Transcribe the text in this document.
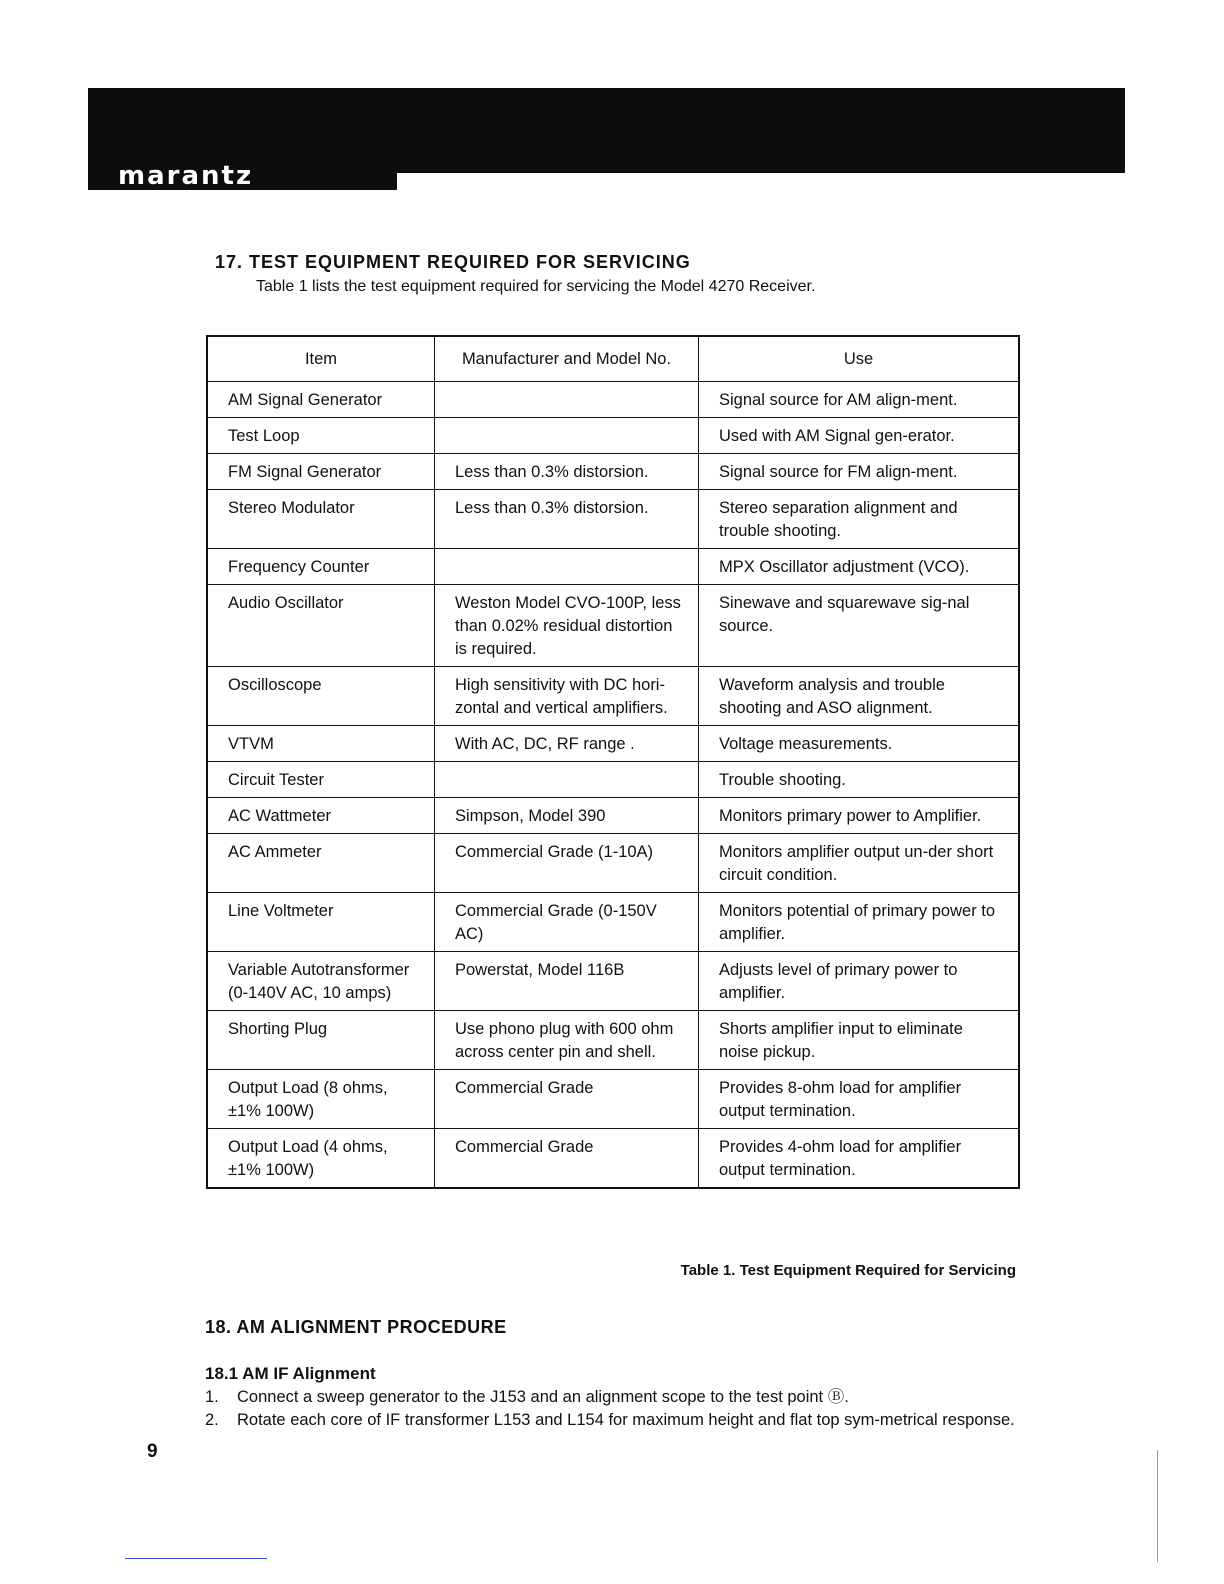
marantz
17. TEST EQUIPMENT REQUIRED FOR SERVICING
Table 1 lists the test equipment required for servicing the Model 4270 Receiver.
Item	Manufacturer and Model No.	Use
AM Signal Generator		Signal source for AM align-ment.
Test Loop		Used with AM Signal gen-erator.
FM Signal Generator	Less than 0.3% distorsion.	Signal source for FM align-ment.
Stereo Modulator	Less than 0.3% distorsion.	Stereo separation alignment and trouble shooting.
Frequency Counter		MPX Oscillator adjustment (VCO).
Audio Oscillator	Weston Model CVO-100P, less than 0.02% residual distortion is required.	Sinewave and squarewave sig-nal source.
Oscilloscope	High sensitivity with DC hori-zontal and vertical amplifiers.	Waveform analysis and trouble shooting and ASO alignment.
VTVM	With AC, DC, RF range .	Voltage measurements.
Circuit Tester		Trouble shooting.
AC Wattmeter	Simpson, Model 390	Monitors primary power to Amplifier.
AC Ammeter	Commercial Grade (1-10A)	Monitors amplifier output un-der short circuit condition.
Line Voltmeter	Commercial Grade (0-150V AC)	Monitors potential of primary power to amplifier.
Variable Autotransformer (0-140V AC, 10 amps)	Powerstat, Model 116B	Adjusts level of primary power to amplifier.
Shorting Plug	Use phono plug with 600 ohm across center pin and shell.	Shorts amplifier input to eliminate noise pickup.
Output Load (8 ohms, ±1% 100W)	Commercial Grade	Provides 8-ohm load for amplifier output termination.
Output Load (4 ohms, ±1% 100W)	Commercial Grade	Provides 4-ohm load for amplifier output termination.
Table 1. Test Equipment Required for Servicing
18. AM ALIGNMENT PROCEDURE
18.1 AM IF Alignment
1.	Connect a sweep generator to the J153 and an alignment scope to the test point Ⓑ.
2.	Rotate each core of IF transformer L153 and L154 for maximum height and flat top sym-metrical response.
9
